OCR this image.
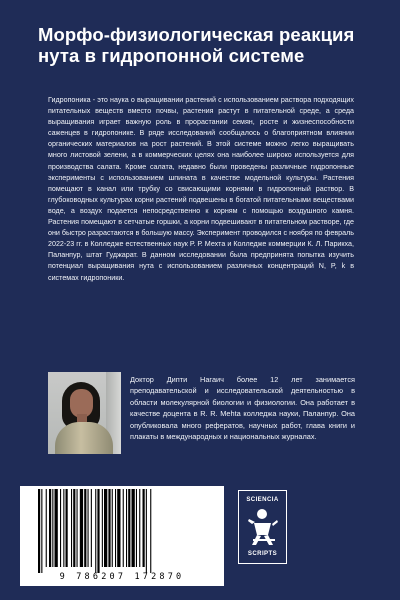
Морфо-физиологическая реакция нута в гидропонной системе

Гидропоника - это наука о выращивании растений с использованием раствора подходящих питательных веществ вместо почвы, растения растут в питательной среде, а среда выращивания играет важную роль в прорастании семян, росте и жизнеспособности саженцев в гидропонике. В ряде исследований сообщалось о благоприятном влиянии органических материалов на рост растений. В этой системе можно легко выращивать много листовой зелени, а в коммерческих целях она наиболее широко используется для производства салата. Кроме салата, недавно были проведены различные гидропонные эксперименты с использованием шпината в качестве модельной культуры. Растения помещают в канал или трубку со свисающими корнями в гидропонный раствор. В глубоководных культурах корни растений подвешены в богатой питательными веществами воде, а воздух подается непосредственно к корням с помощью воздушного камня. Растения помещают в сетчатые горшки, а корни подвешивают в питательном растворе, где они быстро разрастаются в большую массу. Эксперимент проводился с ноября по февраль 2022-23 гг. в Колледже естественных наук Р. Р. Мехта и Колледже коммерции К. Л. Парикха, Паланпур, штат Гуджарат. В данном исследовании была предпринята попытка изучить потенциал выращивания нута с использованием различных концентраций N, P, k в системах гидропоники.

Доктор Дипти Нагаич более 12 лет занимается преподавательской и исследовательской деятельностью в области молекулярной биологии и физиологии. Она работает в качестве доцента в R. R. Mehta колледжа науки, Паланпур. Она опубликовала много рефератов, научных работ, глава книги и плакаты в международных и национальных журналах.

9 786207 172870
SCIENCIA
SCRIPTS
